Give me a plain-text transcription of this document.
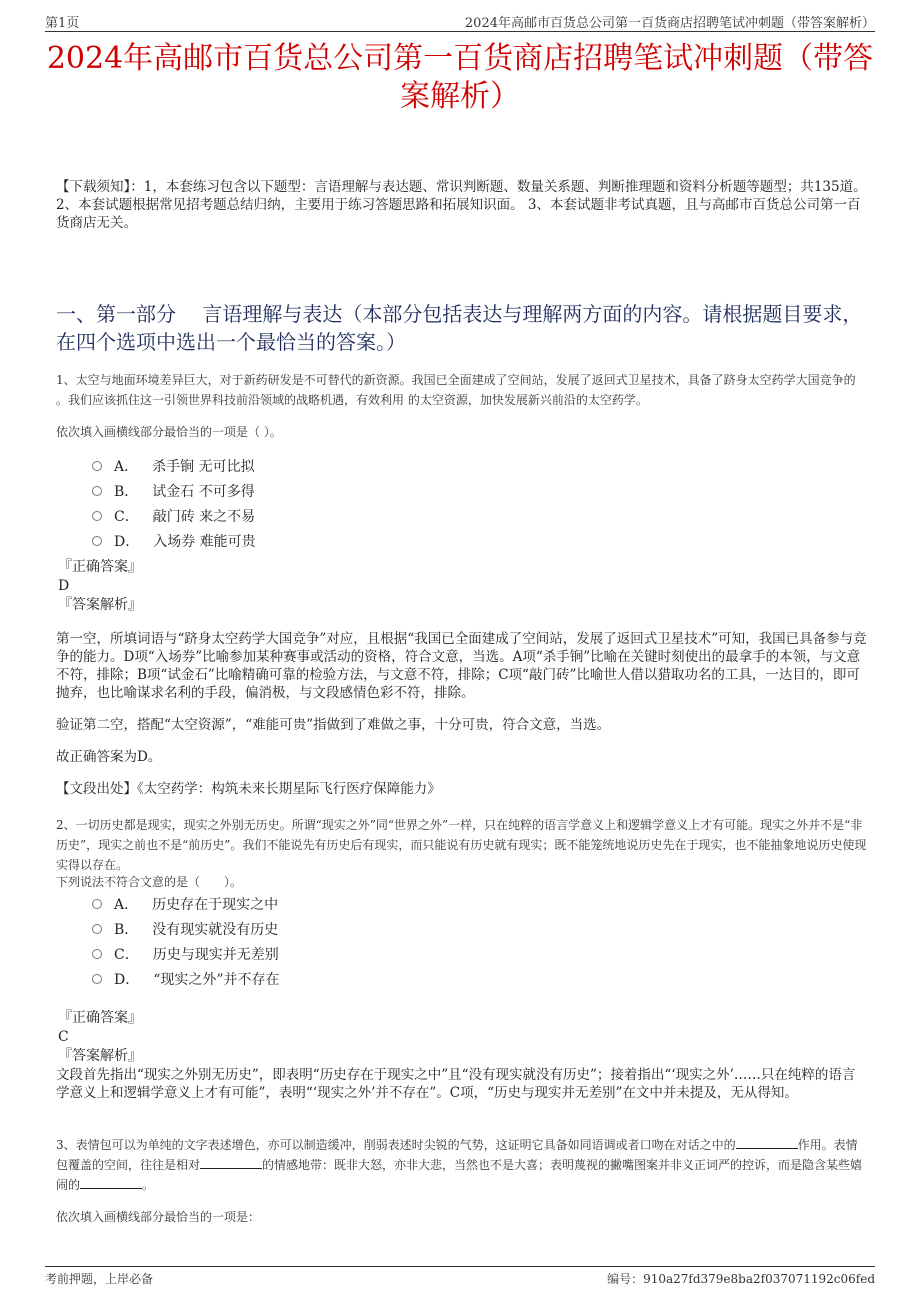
第1页	2024年高邮市百货总公司第一百货商店招聘笔试冲刺题（带答案解析）
2024年高邮市百货总公司第一百货商店招聘笔试冲刺题（带答案解析）
【下载须知】：1，本套练习包含以下题型：言语理解与表达题、常识判断题、数量关系题、判断推理题和资料分析题等题型；共135道。 2、本套试题根据常见招考题总结归纳，主要用于练习答题思路和拓展知识面。 3、本套试题非考试真题，且与高邮市百货总公司第一百货商店无关。
一、第一部分　 言语理解与表达（本部分包括表达与理解两方面的内容。请根据题目要求，在四个选项中选出一个最恰当的答案。）
1、太空与地面环境差异巨大，对于新药研发是不可替代的新资源。我国已全面建成了空间站，发展了返回式卫星技术，具备了跻身太空药学大国竞争的 。我们应该抓住这一引领世界科技前沿领域的战略机遇，有效利用 的太空资源，加快发展新兴前沿的太空药学。
依次填入画横线部分最恰当的一项是（ ）。
A． 杀手锏 无可比拟
B． 试金石 不可多得
C． 敲门砖 来之不易
D． 入场券 难能可贵
『正确答案』
D
『答案解析』
第一空，所填词语与“跻身太空药学大国竞争”对应，且根据“我国已全面建成了空间站，发展了返回式卫星技术”可知，我国已具备参与竞争的能力。D项“入场券”比喻参加某种赛事或活动的资格，符合文意，当选。A项“杀手锏”比喻在关键时刻使出的最拿手的本领，与文意不符，排除；B项“试金石”比喻精确可靠的检验方法，与文意不符，排除；C项“敲门砖”比喻世人借以猎取功名的工具，一达目的，即可抛弃，也比喻谋求名利的手段，偏消极，与文段感情色彩不符，排除。
验证第二空，搭配“太空资源”，“难能可贵”指做到了难做之事，十分可贵，符合文意，当选。
故正确答案为D。
【文段出处】《太空药学：构筑未来长期星际飞行医疗保障能力》
2、一切历史都是现实，现实之外别无历史。所谓“现实之外”同“世界之外”一样，只在纯粹的语言学意义上和逻辑学意义上才有可能。现实之外并不是“非历史”，现实之前也不是“前历史”。我们不能说先有历史后有现实，而只能说有历史就有现实；既不能笼统地说历史先在于现实，也不能抽象地说历史使现实得以存在。
下列说法不符合文意的是（　　）。
A． 历史存在于现实之中
B． 没有现实就没有历史
C． 历史与现实并无差别
D． “现实之外”并不存在
『正确答案』
C
『答案解析』
文段首先指出“现实之外别无历史”，即表明“历史存在于现实之中”且“没有现实就没有历史”；接着指出“‘现实之外’……只在纯粹的语言学意义上和逻辑学意义上才有可能”，表明“‘现实之外’并不存在”。C项，“历史与现实并无差别”在文中并未提及，无从得知。
3、表情包可以为单纯的文字表述增色，亦可以制造缓冲，削弱表述时尖锐的气势，这证明它具备如同语调或者口吻在对话之中的	作用。表情包覆盖的空间，往往是相对	的情感地带：既非大怒，亦非大悲，当然也不是大喜；表明蔑视的撇嘴图案并非义正词严的控诉，而是隐含某些嬉闹的	。
依次填入画横线部分最恰当的一项是：
考前押题，上岸必备	编号：910a27fd379e8ba2f037071192c06fed
